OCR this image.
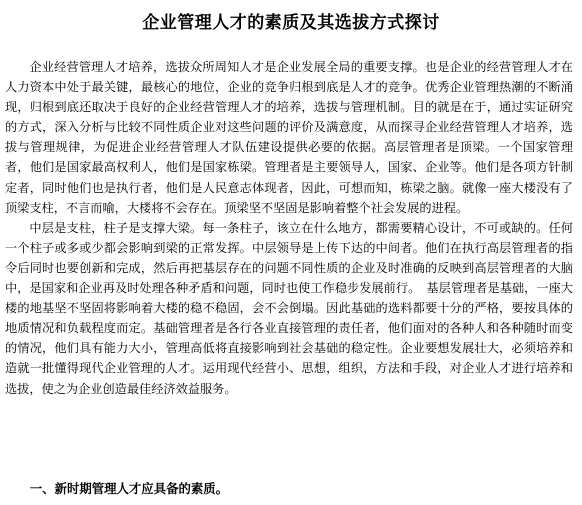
企业管理人才的素质及其选拔方式探讨

企业经营管理人才培养，选拔众所周知人才是企业发展全局的重要支撑。也是企业的经营管理人才在人力资本中处于最关键，最核心的地位，企业的竞争归根到底是人才的竞争。优秀企业管理热潮的不断涌现，归根到底还取决于良好的企业经营管理人才的培养，选拔与管理机制。目的就是在于，通过实证研究的方式，深入分析与比较不同性质企业对这些问题的评价及满意度，从而探寻企业经营管理人才培养，选拔与管理规律，为促进企业经营管理人才队伍建设提供必要的依据。高层管理者是顶梁。一个国家管理者，他们是国家最高权利人，他们是国家栋梁。管理者是主要领导人，国家、企业等。他们是各项方针制定者，同时他们也是执行者，他们是人民意志体现者，因此，可想而知，栋梁之脑。就像一座大楼没有了顶梁支柱，不言而喻，大楼将不会存在。顶梁坚不坚固是影响着整个社会发展的进程。

中层是支柱，柱子是支撑大梁。每一条柱子，该立在什么地方，都需要精心设计，不可或缺的。任何一个柱子或多或少都会影响到梁的正常发挥。中层领导是上传下达的中间者。他们在执行高层管理者的指令后同时也要创新和完成，然后再把基层存在的问题不同性质的企业及时准确的反映到高层管理者的大脑中，是国家和企业再及时处理各种矛盾和问题，同时也使工作稳步发展前行。　基层管理者是基础，一座大楼的地基坚不坚固将影响着大楼的稳不稳固，会不会倒塌。因此基础的选料都要十分的严格，要按具体的地质情况和负载程度而定。基础管理者是各行各业直接管理的责任者，他们面对的各种人和各种随时而变的情况，他们具有能力大小，管理高低将直接影响到社会基础的稳定性。企业要想发展壮大，必须培养和造就一批懂得现代企业管理的人才。运用现代经营小、思想，组织，方法和手段，对企业人才进行培养和选拔，使之为企业创造最佳经济效益服务。

一、新时期管理人才应具备的素质。
